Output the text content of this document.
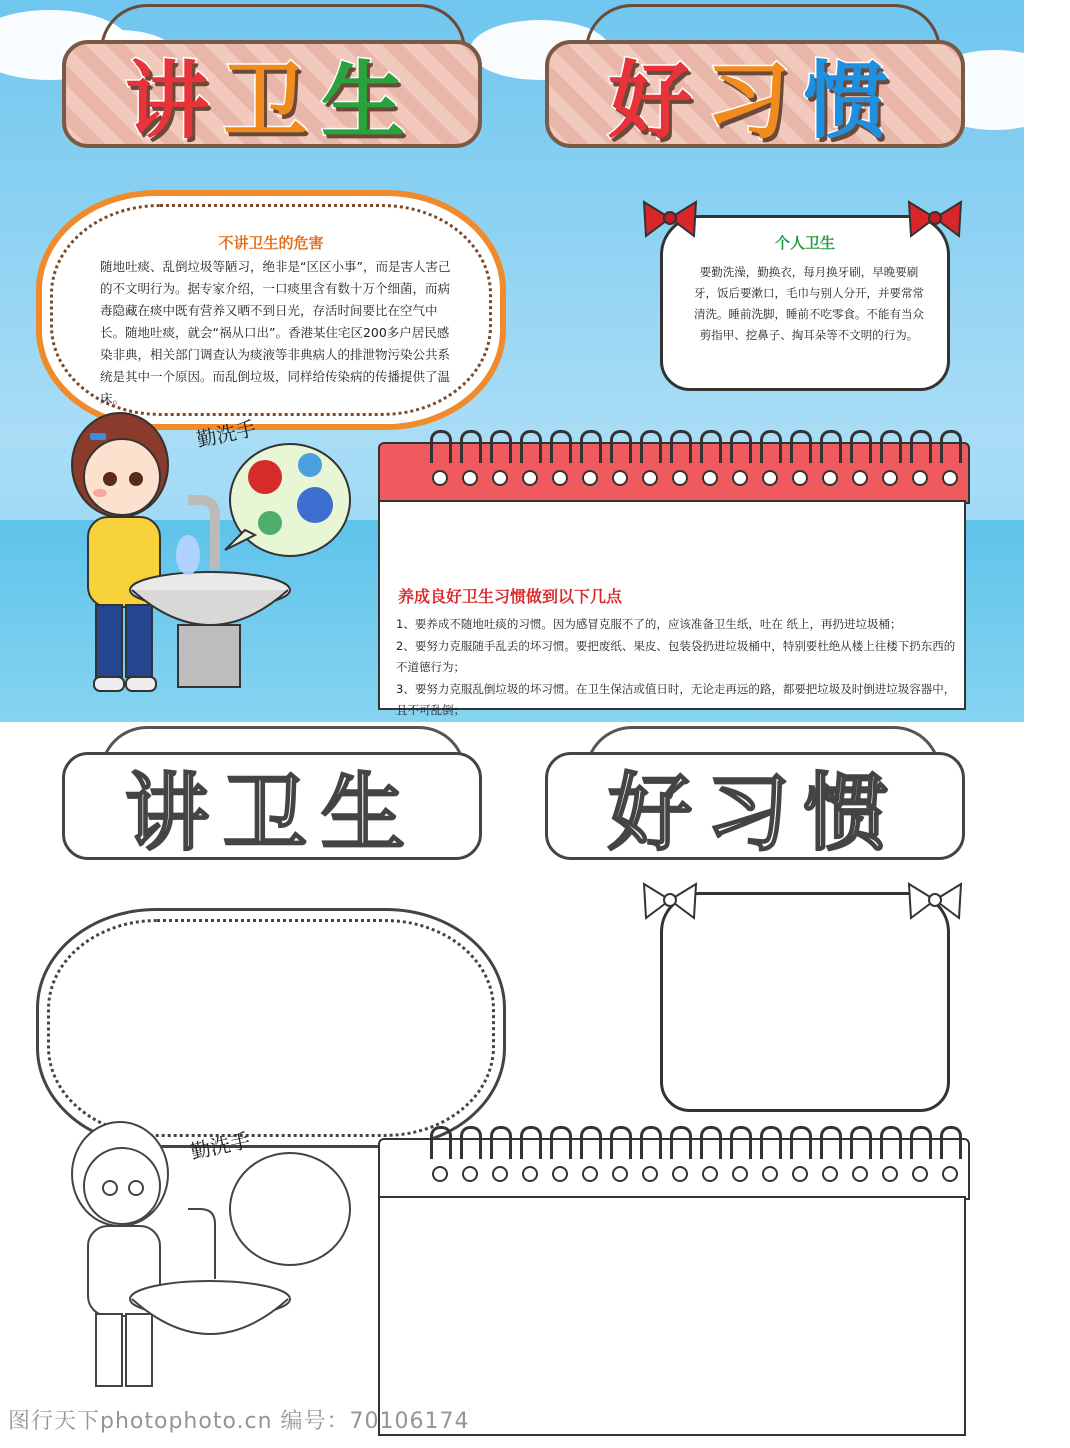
讲卫生 好习惯
不讲卫生的危害
随地吐痰、乱倒垃圾等陋习，绝非是“区区小事”，而是害人害己的不文明行为。据专家介绍，一口痰里含有数十万个细菌，而病毒隐藏在痰中既有营养又晒不到日光，存活时间要比在空气中长。随地吐痰，就会“祸从口出”。香港某住宅区200多户居民感染非典，相关部门调查认为痰液等非典病人的排泄物污染公共系统是其中一个原因。而乱倒垃圾，同样给传染病的传播提供了温床。
个人卫生
要勤洗澡，勤换衣，每月换牙刷，早晚要刷牙，饭后要漱口，毛巾与别人分开，并要常常清洗。睡前洗脚，睡前不吃零食。不能有当众剪指甲、挖鼻子、掏耳朵等不文明的行为。
养成良好卫生习惯做到以下几点
1、要养成不随地吐痰的习惯。因为感冒克服不了的，应该准备卫生纸，吐在 纸上，再扔进垃圾桶；
2、要努力克服随手乱丢的坏习惯。要把废纸、果皮、包装袋扔进垃圾桶中，特别要杜绝从楼上往楼下扔东西的不道德行为；
3、要努力克服乱倒垃圾的坏习惯。在卫生保洁或值日时，无论走再远的路，都要把垃圾及时倒进垃圾容器中，且不可乱倒；
勤洗手
讲卫生 好习惯
勤洗手
图行天下photophoto.cn 编号：70106174
